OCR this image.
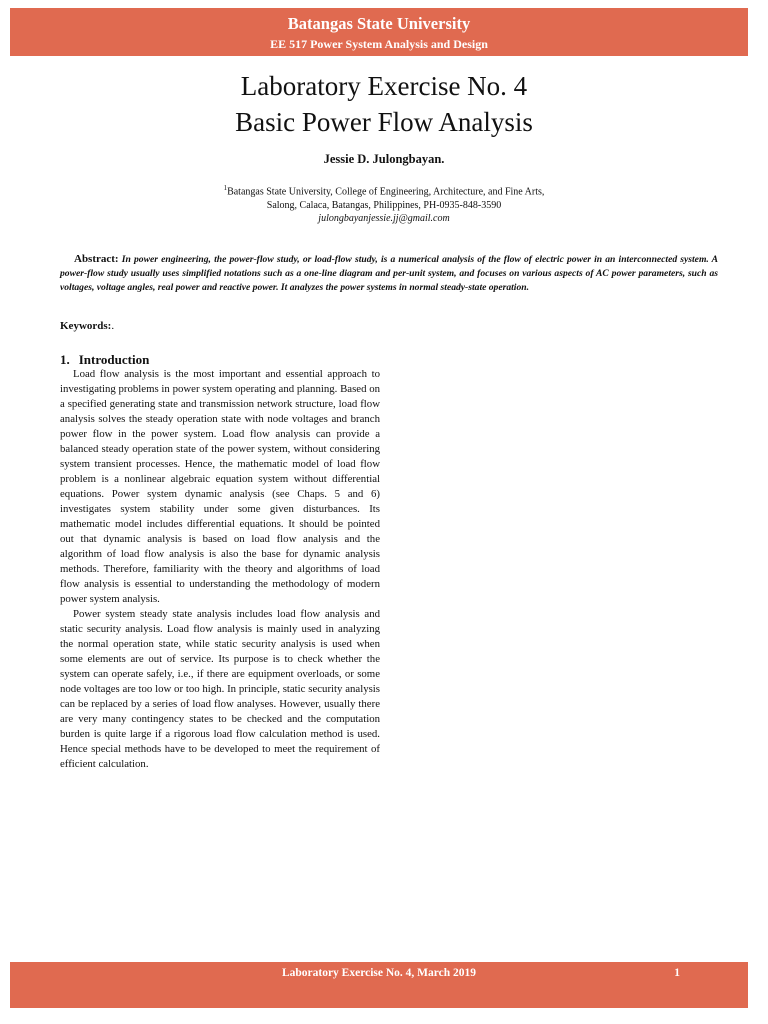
Batangas State University
EE 517 Power System Analysis and Design
Laboratory Exercise No. 4
Basic Power Flow Analysis
Jessie D. Julongbayan.
$^1$Batangas State University, College of Engineering, Architecture, and Fine Arts,
Salong, Calaca, Batangas, Philippines, PH-0935-848-3590
julongbayanjessie.jj@gmail.com
Abstract: In power engineering, the power-flow study, or load-flow study, is a numerical analysis of the flow of electric power in an interconnected system. A power-flow study usually uses simplified notations such as a one-line diagram and per-unit system, and focuses on various aspects of AC power parameters, such as voltages, voltage angles, real power and reactive power. It analyzes the power systems in normal steady-state operation.
Keywords:.
1. Introduction

Load flow analysis is the most important and essential approach to investigating problems in power system operating and planning. Based on a specified generating state and transmission network structure, load flow analysis solves the steady operation state with node voltages and branch power flow in the power system. Load flow analysis can provide a balanced steady operation state of the power system, without considering system transient processes. Hence, the mathematic model of load flow problem is a nonlinear algebraic equation system without differential equations. Power system dynamic analysis (see Chaps. 5 and 6) investigates system stability under some given disturbances. Its mathematic model includes differential equations. It should be pointed out that dynamic analysis is based on load flow analysis and the algorithm of load flow analysis is also the base for dynamic analysis methods. Therefore, familiarity with the theory and algorithms of load flow analysis is essential to understanding the methodology of modern power system analysis.

Power system steady state analysis includes load flow analysis and static security analysis. Load flow analysis is mainly used in analyzing the normal operation state, while static security analysis is used when some elements are out of service. Its purpose is to check whether the system can operate safely, i.e., if there are equipment overloads, or some node voltages are too low or too high. In principle, static security analysis can be replaced by a series of load flow analyses. However, usually there are very many contingency states to be checked and the computation burden is quite large if a rigorous load flow calculation method is used. Hence special methods have to be developed to meet the requirement of efficient calculation.

Laboratory Exercise No. 4, March 2019	1
